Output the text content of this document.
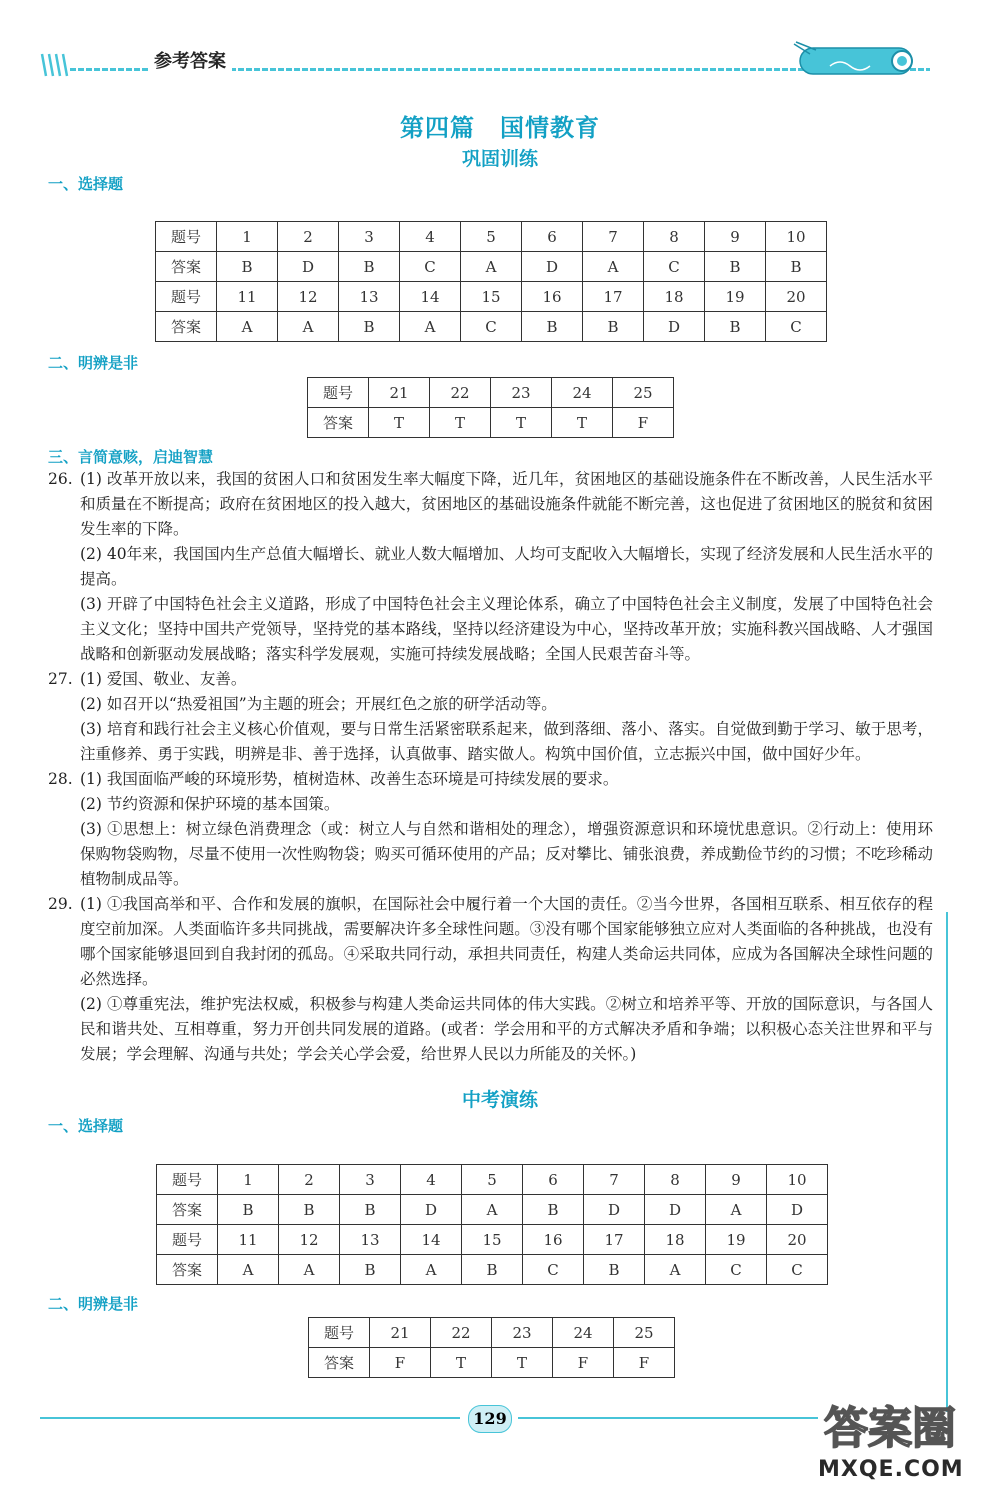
参考答案
第四篇　国情教育
巩固训练
一、选择题
题号	1	2	3	4	5	6	7	8	9	10
答案	B	D	B	C	A	D	A	C	B	B
题号	11	12	13	14	15	16	17	18	19	20
答案	A	A	B	A	C	B	B	D	B	C
二、明辨是非
题号	21	22	23	24	25
答案	T	T	T	T	F
三、言简意赅，启迪智慧
26. (1) 改革开放以来，我国的贫困人口和贫困发生率大幅度下降，近几年，贫困地区的基础设施条件在不断改善，人民生活水平和质量在不断提高；政府在贫困地区的投入越大，贫困地区的基础设施条件就能不断完善，这也促进了贫困地区的脱贫和贫困发生率的下降。

(2) 40年来，我国国内生产总值大幅增长、就业人数大幅增加、人均可支配收入大幅增长，实现了经济发展和人民生活水平的提高。

(3) 开辟了中国特色社会主义道路，形成了中国特色社会主义理论体系，确立了中国特色社会主义制度，发展了中国特色社会主义文化；坚持中国共产党领导，坚持党的基本路线，坚持以经济建设为中心，坚持改革开放；实施科教兴国战略、人才强国战略和创新驱动发展战略；落实科学发展观，实施可持续发展战略；全国人民艰苦奋斗等。

27. (1) 爱国、敬业、友善。

(2) 如召开以“热爱祖国”为主题的班会；开展红色之旅的研学活动等。

(3) 培育和践行社会主义核心价值观，要与日常生活紧密联系起来，做到落细、落小、落实。自觉做到勤于学习、敏于思考，注重修养、勇于实践，明辨是非、善于选择，认真做事、踏实做人。构筑中国价值，立志振兴中国，做中国好少年。

28. (1) 我国面临严峻的环境形势，植树造林、改善生态环境是可持续发展的要求。

(2) 节约资源和保护环境的基本国策。

(3) ①思想上：树立绿色消费理念（或：树立人与自然和谐相处的理念），增强资源意识和环境忧患意识。②行动上：使用环保购物袋购物，尽量不使用一次性购物袋；购买可循环使用的产品；反对攀比、铺张浪费，养成勤俭节约的习惯；不吃珍稀动植物制成品等。

29. (1) ①我国高举和平、合作和发展的旗帜，在国际社会中履行着一个大国的责任。②当今世界，各国相互联系、相互依存的程度空前加深。人类面临许多共同挑战，需要解决许多全球性问题。③没有哪个国家能够独立应对人类面临的各种挑战，也没有哪个国家能够退回到自我封闭的孤岛。④采取共同行动，承担共同责任，构建人类命运共同体，应成为各国解决全球性问题的必然选择。

(2) ①尊重宪法，维护宪法权威，积极参与构建人类命运共同体的伟大实践。②树立和培养平等、开放的国际意识，与各国人民和谐共处、互相尊重，努力开创共同发展的道路。(或者：学会用和平的方式解决矛盾和争端；以积极心态关注世界和平与发展；学会理解、沟通与共处；学会关心学会爱，给世界人民以力所能及的关怀。)

中考演练
一、选择题
题号	1	2	3	4	5	6	7	8	9	10
答案	B	B	B	D	A	B	D	D	A	D
题号	11	12	13	14	15	16	17	18	19	20
答案	A	A	B	A	B	C	B	A	C	C
二、明辨是非
题号	21	22	23	24	25
答案	F	T	T	F	F
129	答案圈
MXQE.COM
